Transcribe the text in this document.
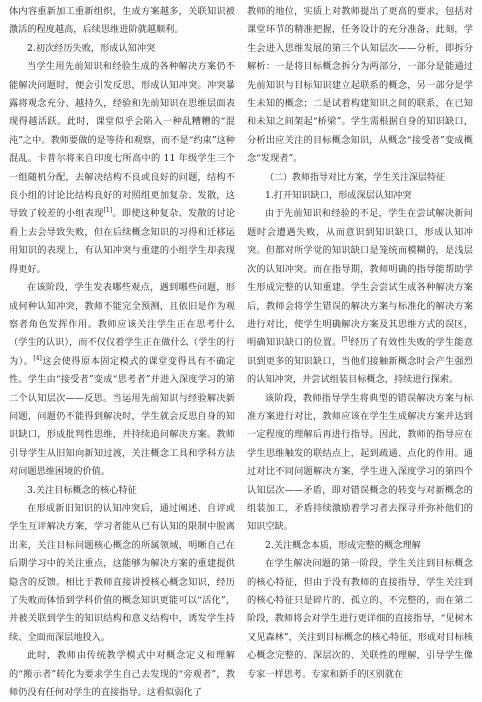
体内容重新加工重新组织，生成方案越多，关联知识被激活的程度越高，后续思维进阶就越顺利。

2.初次经历失败，形成认知冲突

当学生用先前知识和经验生成的各种解决方案仍不能解决问题时，便会引发反思，形成认知冲突。冲突暴露将观念充分、越持久，经验和先前知识在思维层面表现得越活跃。此时，课堂似乎会陷入一种乱糟糟的“混沌”之中。教师要做的是等待和观察，而不是“约束”这种混乱。卡普尔将来自印度七所高中的 11 年级学生三个一组随机分配，去解决结构不良或良好的问题，结构不良小组的讨论比结构良好的对照组更加复杂、发散，这导致了较差的小组表现[1]。即使这种复杂、发散的讨论看上去会导致失败，但在后续概念知识的习得和迁移运用知识的表现上，有认知冲突与重建的小组学生却表现得更好。

在该阶段，学生发表哪些观点，遇到哪些问题，形成何种认知冲突，教师不能完全预测，且依旧是作为观察者角色发挥作用。教师应该关注学生正在思考什么（学生的认识），而不仅仅着学生正在做什么（学生的行为）。[4]这会使得原本固定模式的课堂变得具有不确定性。学生由“接受者”变成“思考者”并进入深度学习的第二个认知层次——反思。当运用先前知识与经验解决新问题，问题仍不能得到解决时，学生就会反思自身的知识缺口，形成批判性思维，并持续追问解决方案。教师引导学生从旧知向新知过渡，关注概念工具和学科方法对问题思维困境的价值。

3.关注目标概念的核心特征

在形成新旧知识的认知冲突后，通过阐述、自评或学生互评解决方案，学习者能从已有认知的限制中脱离出来，关注目标问题核心概念的所属领域，明晰自己在后期学习中的关注重点，这能够为解决方案的重建提供隐含的反馈。相比于教师直接讲授核心概念知识，经历了失败而体悟到学科价值的概念知识更能可以“活化”，并被关联到学生的知识结构和意义结构中，诱发学生持续、全面而深层地投入。

此时，教师由传统教学模式中对概念定义和理解的“搬示者”转化为要求学生自己去发现的“旁观者”，教师仍没有任何对学生的直接指导。这看似弱化了

教师的地位，实质上对教师提出了更高的要求，包括对课堂环节的精准把握，任务设计的充分准备，此刻，学生会进入思维发展的第三个认知层次——分析，即拆分解析：一是将目标概念拆分为两部分，一部分是能通过先前知识与目标知识建立起联系的概念，另一部分是学生未知的概念；二是试着构建知识之间的联系，在已知和未知之间架起“桥梁”。学生需根据自身的知识缺口，分析出应关注的目标概念知识，从概念“接受者”变成概念“发现者”。

（二）教师指导对比方案，学生关注深层特征
1.打开知识缺口，形成深层认知冲突

由于先前知识和经验的不足，学生在尝试解决新问题时会遭遇失败，从而意识到知识缺口，形成认知冲突。但都对所学觉的知识缺口是笼统而模糊的，是浅层次的认知冲突。而在指导期，教师明确的指导能帮助学生形成完整的认知重建。学生会尝试生成各种解决方案后，教师会将学生错误的解决方案与标准化的解决方案进行对比，使学生明确解决方案及其思维方式的误区，明确知识缺口的位置。[5]经历了有效性失败的学生能意识到更多的知识缺口，当他们接触新概念时会产生强烈的认知冲突，并尝试组装目标概念，持续进行探索。

该阶段，教师指导学生将典型的错误解决方案与标准方案进行对比，教师应该在学生生成解决方案并达到一定程度的理解后再进行指导。因此，教师的指导应在学生思维触发的联结点上，起到疏通、点化的作用。通过对比不同问题解决方案，学生进入深度学习的第四个认知层次——矛盾，即对错误概念的转变与对新概念的组装加工，矛盾持续激励着学习者去探寻并弥补他们的知识空缺。

2.关注概念本质，形成完整的概念理解

在学生解决问题的第一阶段，学生关注到目标概念的核心特征，但由于没有教师的直接指导，学生关注到的核心特征只是碎片的、孤立的、不完整的，而在第二阶段，教师将会对学生进行更详细的直接指导，“见树木又见森林”，关注到目标概念的核心特征，形成对目标核心概念完整的、深层次的、关联性的理解，引导学生像专家一样思考。专家和新手的区别就在
